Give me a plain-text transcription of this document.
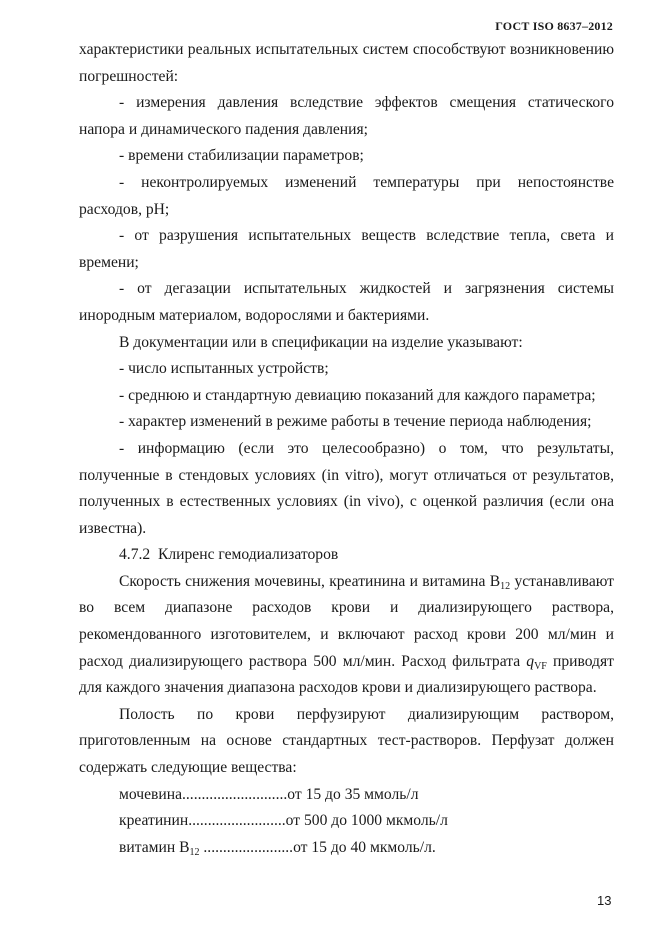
ГОСТ ISO 8637–2012

характеристики реальных испытательных систем способствуют возникновению погрешностей:

- измерения давления вследствие эффектов смещения статического напора и динамического падения давления;

- времени стабилизации параметров;

- неконтролируемых изменений температуры при непостоянстве расходов, рН;

- от разрушения испытательных веществ вследствие тепла, света и времени;

- от дегазации испытательных жидкостей и загрязнения системы инородным материалом, водорослями и бактериями.

В документации или в спецификации на изделие указывают:

- число испытанных устройств;

- среднюю и стандартную девиацию показаний для каждого параметра;

- характер изменений в режиме работы в течение периода наблюдения;

- информацию (если это целесообразно) о том, что результаты, полученные в стендовых условиях (in vitro), могут отличаться от результатов, полученных в естественных условиях (in vivo), с оценкой различия (если она известна).

4.7.2  Клиренс гемодиализаторов

Скорость снижения мочевины, креатинина и витамина $B_{12}$ устанавливают во всем диапазоне расходов крови и диализирующего раствора, рекомендованного изготовителем, и включают расход крови 200 мл/мин и расход диализирующего раствора 500 мл/мин. Расход фильтрата $q_{VF}$ приводят для каждого значения диапазона расходов крови и диализирующего раствора.

Полость по крови перфузируют диализирующим раствором, приготовленным на основе стандартных тест-растворов. Перфузат должен содержать следующие вещества:

мочевина...........................от 15 до 35 ммоль/л
креатинин.........................от 500 до 1000 мкмоль/л
витамин $B_{12}$ .......................от 15 до 40 мкмоль/л.
13
